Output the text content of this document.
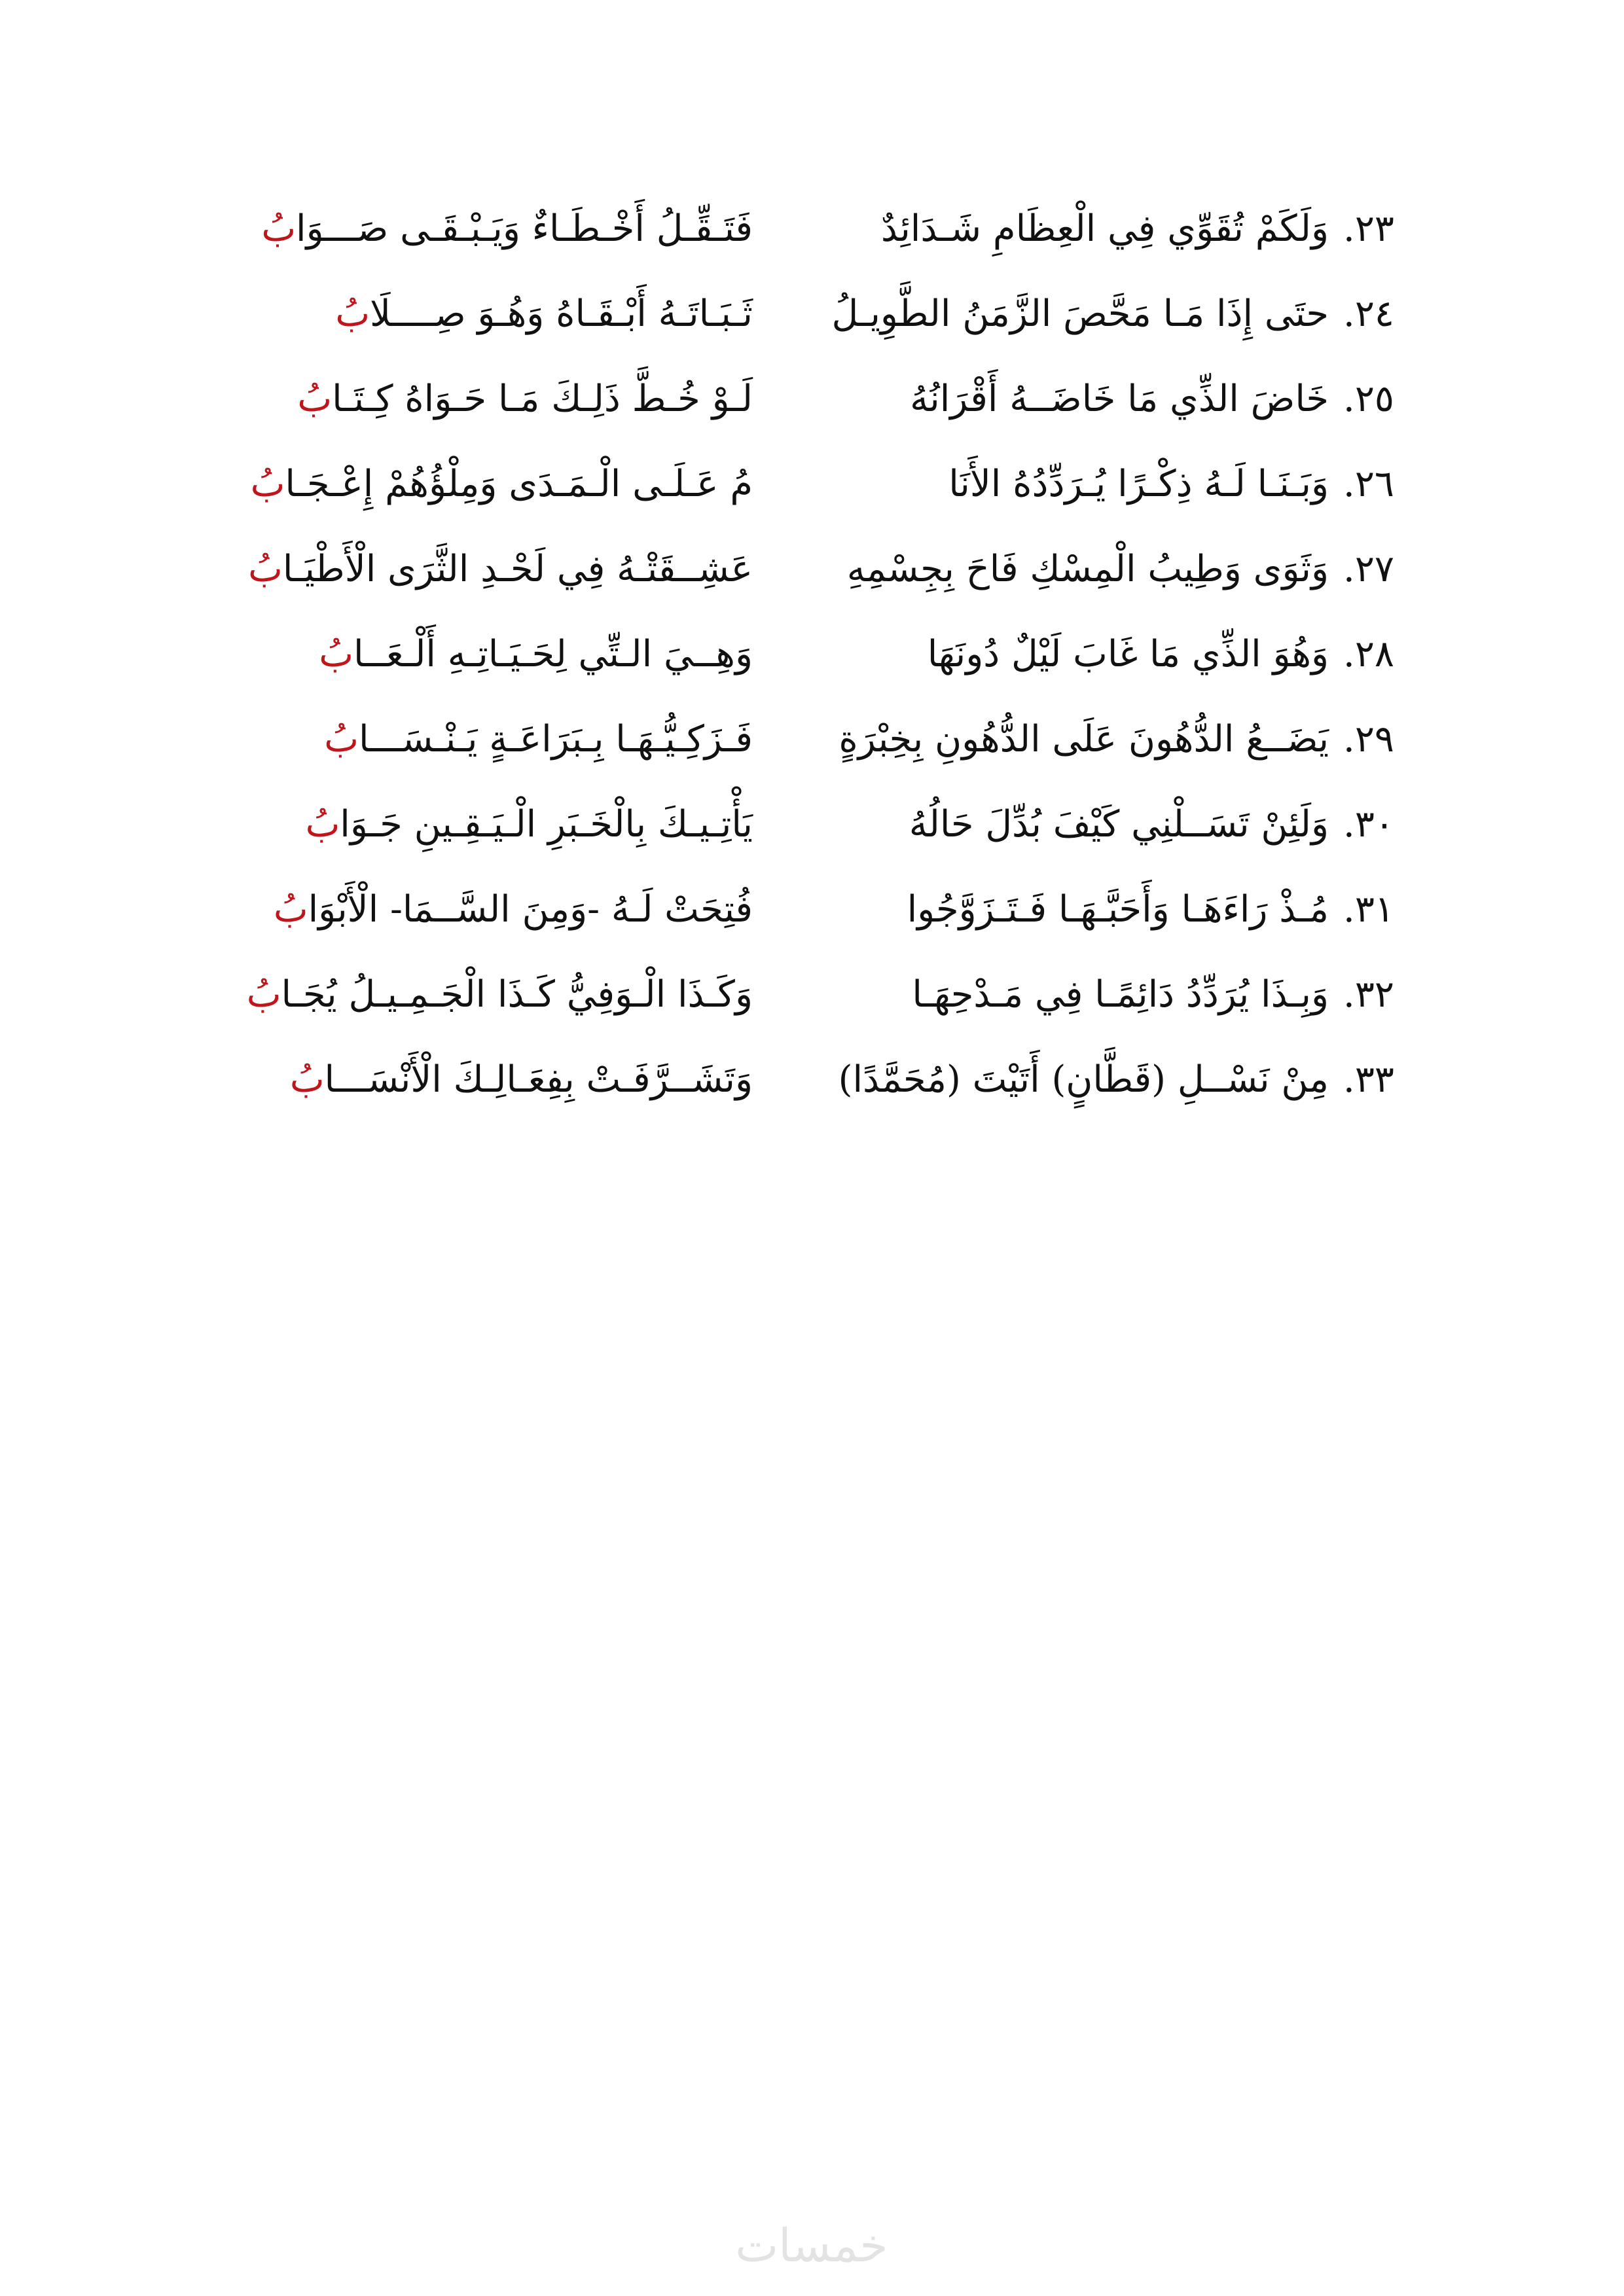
٢٣.وَلَكَمْ تُقَوِّي فِي الْعِظَامِ شَـدَائِدٌ
فَتَـقِّـلُ أَخْـطَـاءٌ وَيَـبْـقَـى صَـــوَابُ
٢٤.حتَى إِذَا مَـا مَحَّصَ الزَّمَنُ الطَّوِيـلُ
ثَـبَـاتَـهُ أَبْـقَـاهُ وَهُـوَ صِــــلَابُ
٢٥.خَاضَ الذِّي مَا خَاضَــهُ أَقْرَانُهُ
لَـوْ خُـطَّ ذَلِـكَ مَـا حَـوَاهُ كِـتَـابُ
٢٦.وَبَـنَـا لَـهُ ذِكْـرًا يُـرَدِّدُهُ الأَنَا
مُ عَـلَـى الْـمَـدَى وَمِلْؤُهُمْ إِعْـجَـابُ
٢٧.وَثَوَى وَطِيبُ الْمِسْكِ فَاحَ بِجِسْمِهِ
عَشِــقَتْـهُ فِي لَحْـدِ الثَّرَى الْأَطْيَـابُ
٢٨.وَهُوَ الذِّي مَا غَابَ لَيْلٌ دُونَهَا
وَهِــيَ الـتِّي لِحَـيَـاتِـهِ أَلْـعَــابُ
٢٩.يَضَــعُ الدُّهُونَ عَلَى الدُّهُونِ بِخِبْرَةٍ
فَـزَكِـيُّـهَـا بِـبَرَاعَـةٍ يَـنْـسَـــابُ
٣٠.وَلَئِنْ تَسَــلْنِي كَيْفَ بُدِّلَ حَالُهُ
يَأْتِـيـكَ بِالْخَـبَرِ الْـيَـقِـينِ جَـوَابُ
٣١.مُـذْ رَاءَهَـا وَأَحَبَّـهَـا فَـتَـزَوَّجُوا
فُتِحَتْ لَـهُ -وَمِنَ السَّــمَا- الْأَبْوَابُ
٣٢.وَبِـذَا يُرَدِّدُ دَائِمًـا فِي مَـدْحِهَـا
وَكَـذَا الْـوَفِيُّ كَـذَا الْجَـمِـيـلُ يُجَـابُ
٣٣.مِنْ نَسْــلِ (قَطَّانٍ) أَتَيْتَ (مُحَمَّدًا)
وَتَشَــرَّفَـتْ بِفِعَـالِـكَ الْأَنْسَـــابُ
خمسات
